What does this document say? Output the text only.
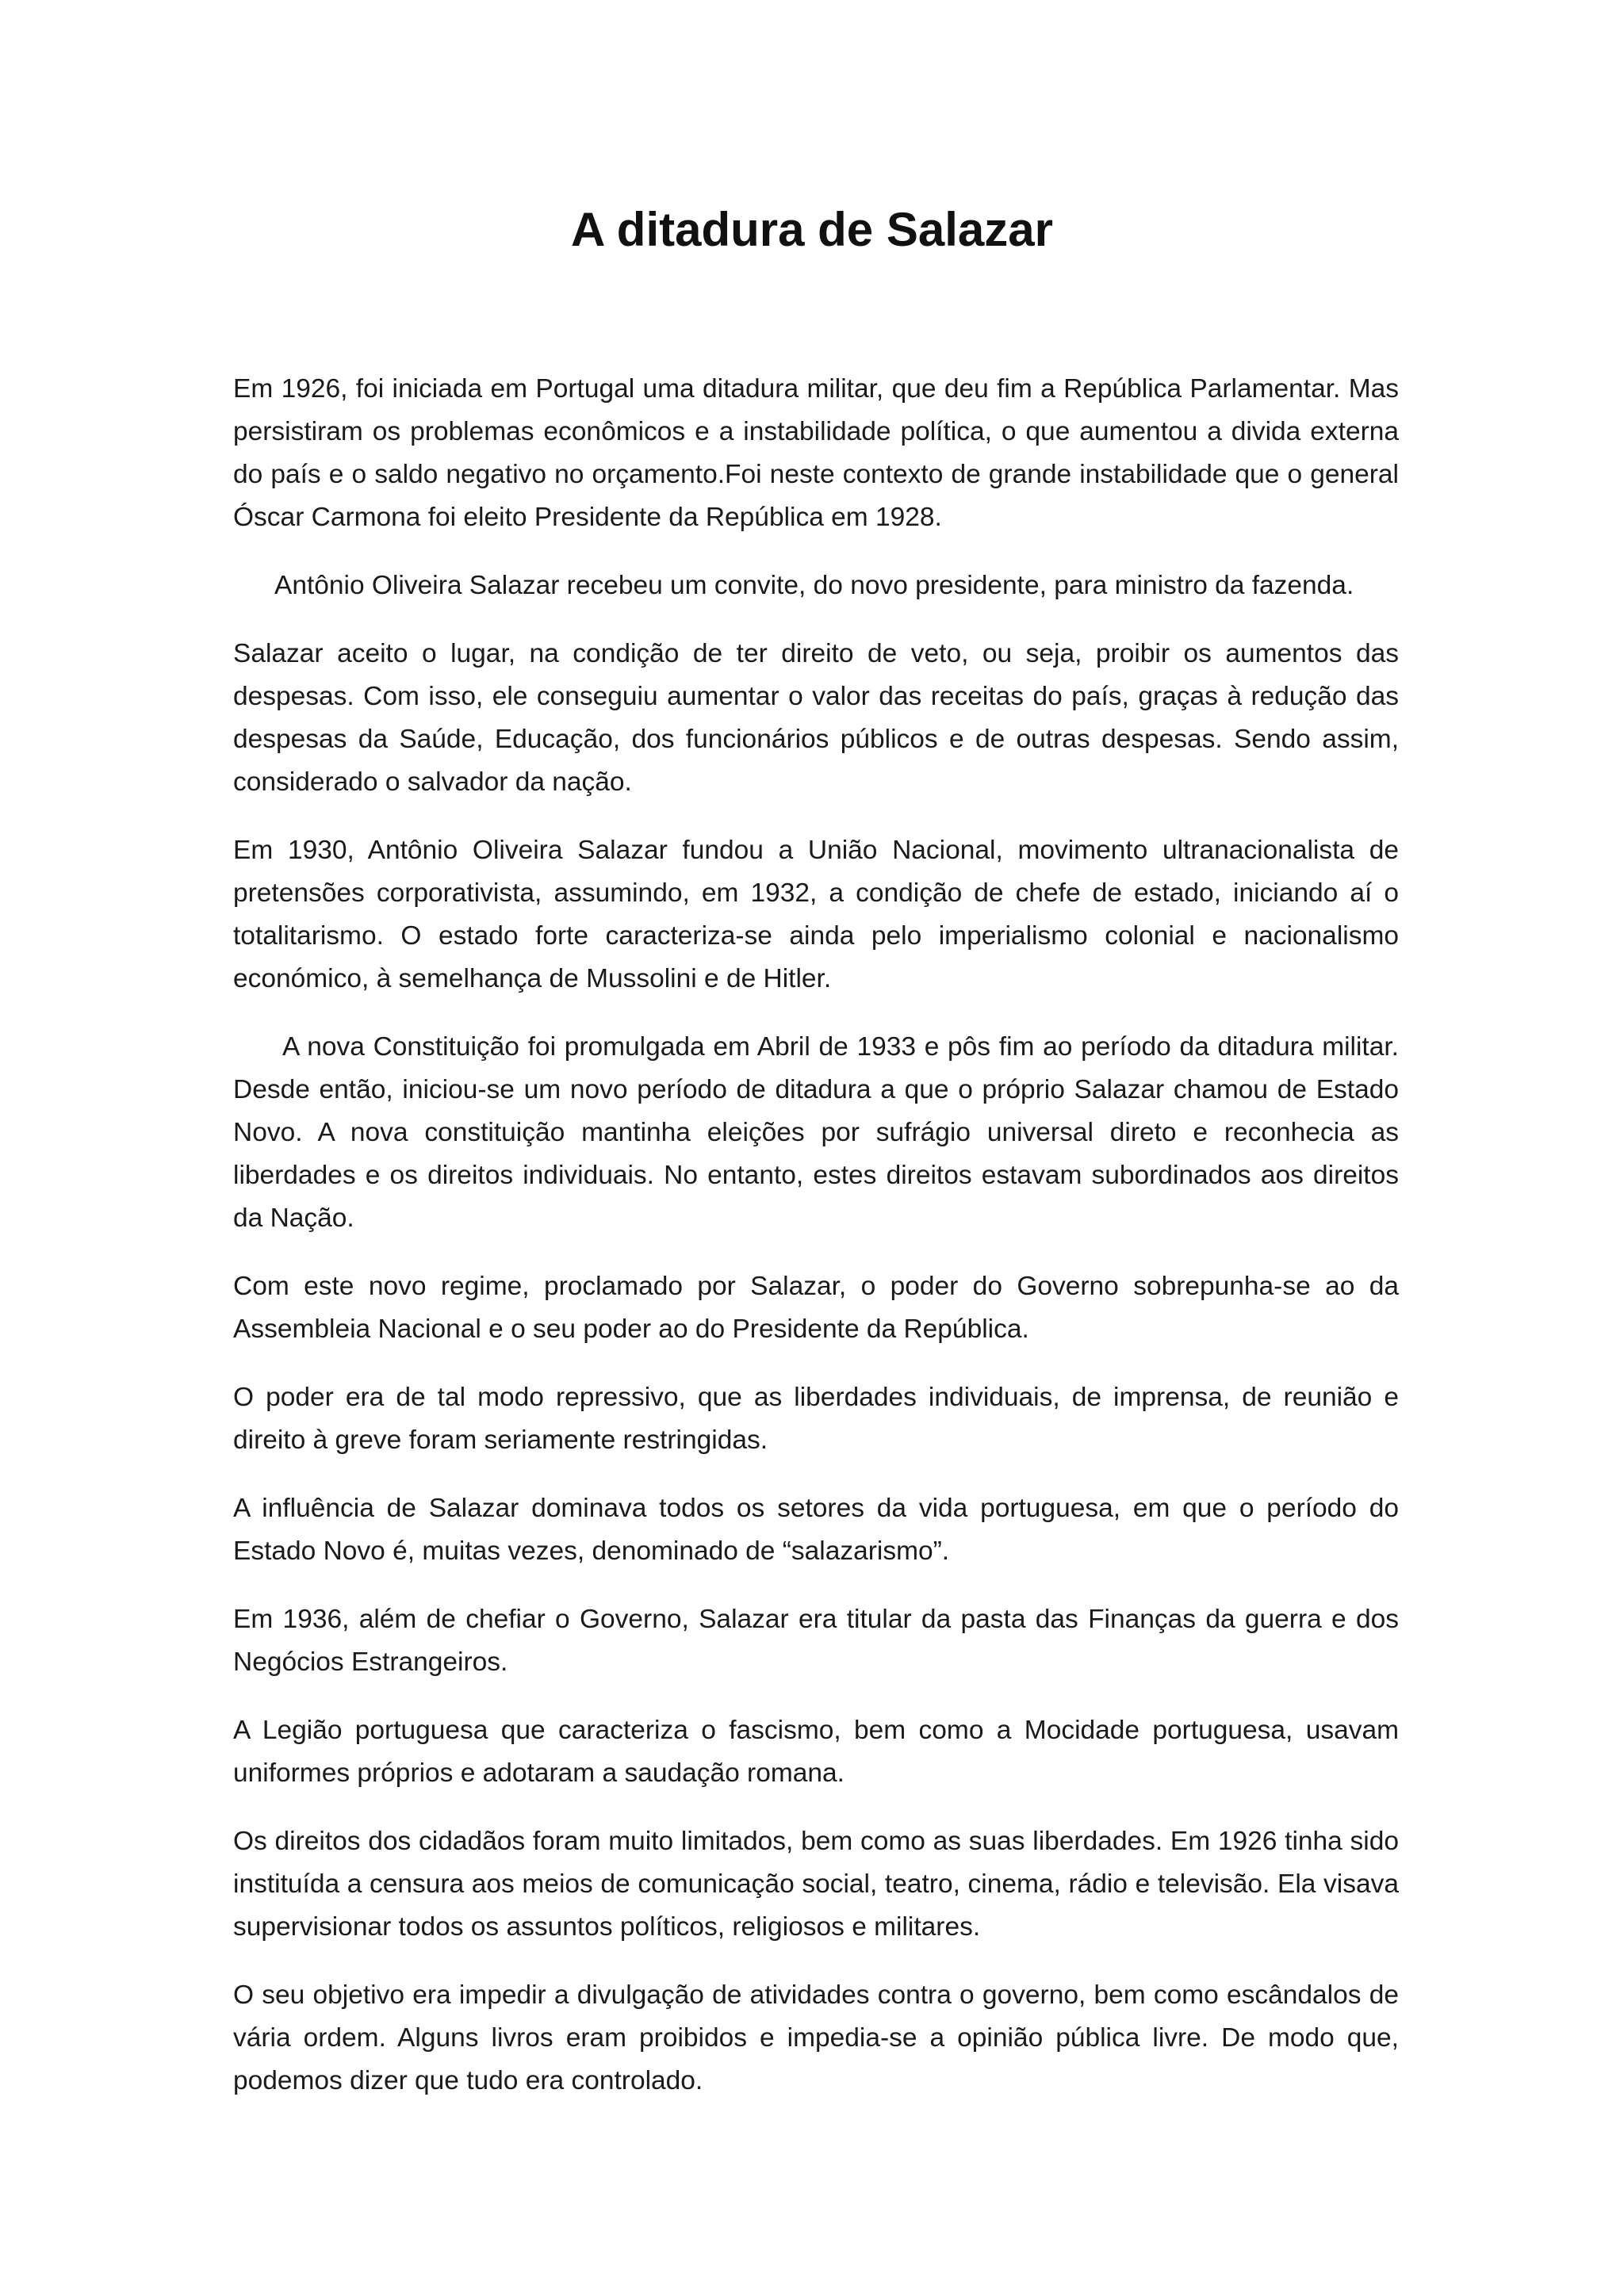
A ditadura de Salazar

Em 1926, foi iniciada em Portugal uma ditadura militar, que deu fim a República Parlamentar. Mas persistiram os problemas econômicos e a instabilidade política, o que aumentou a divida externa do país e o saldo negativo no orçamento.Foi neste contexto de grande instabilidade que o general Óscar Carmona foi eleito Presidente da República em 1928.

Antônio Oliveira Salazar recebeu um convite, do novo presidente, para ministro da fazenda.

Salazar aceito o lugar, na condição de ter direito de veto, ou seja, proibir os aumentos das despesas. Com isso, ele conseguiu aumentar o valor das receitas do país, graças à redução das despesas da Saúde, Educação, dos funcionários públicos e de outras despesas. Sendo assim, considerado o salvador da nação.

Em 1930, Antônio Oliveira Salazar fundou a União Nacional, movimento ultranacionalista de pretensões corporativista, assumindo, em 1932, a condição de chefe de estado, iniciando aí o totalitarismo. O estado forte caracteriza-se ainda pelo imperialismo colonial e nacionalismo económico, à semelhança de Mussolini e de Hitler.

A nova Constituição foi promulgada em Abril de 1933 e pôs fim ao período da ditadura militar. Desde então, iniciou-se um novo período de ditadura a que o próprio Salazar chamou de Estado Novo. A nova constituição mantinha eleições por sufrágio universal direto e reconhecia as liberdades e os direitos individuais. No entanto, estes direitos estavam subordinados aos direitos da Nação.

Com este novo regime, proclamado por Salazar, o poder do Governo sobrepunha-se ao da Assembleia Nacional e o seu poder ao do Presidente da República.

O poder era de tal modo repressivo, que as liberdades individuais, de imprensa, de reunião e direito à greve foram seriamente restringidas.

A influência de Salazar dominava todos os setores da vida portuguesa, em que o período do Estado Novo é, muitas vezes, denominado de “salazarismo”.

Em 1936, além de chefiar o Governo, Salazar era titular da pasta das Finanças da guerra e dos Negócios Estrangeiros.

A Legião portuguesa que caracteriza o fascismo, bem como a Mocidade portuguesa, usavam uniformes próprios e adotaram a saudação romana.

Os direitos dos cidadãos foram muito limitados, bem como as suas liberdades. Em 1926 tinha sido instituída a censura aos meios de comunicação social, teatro, cinema, rádio e televisão. Ela visava supervisionar todos os assuntos políticos, religiosos e militares.

O seu objetivo era impedir a divulgação de atividades contra o governo, bem como escândalos de vária ordem. Alguns livros eram proibidos e impedia-se a opinião pública livre. De modo que, podemos dizer que tudo era controlado.
